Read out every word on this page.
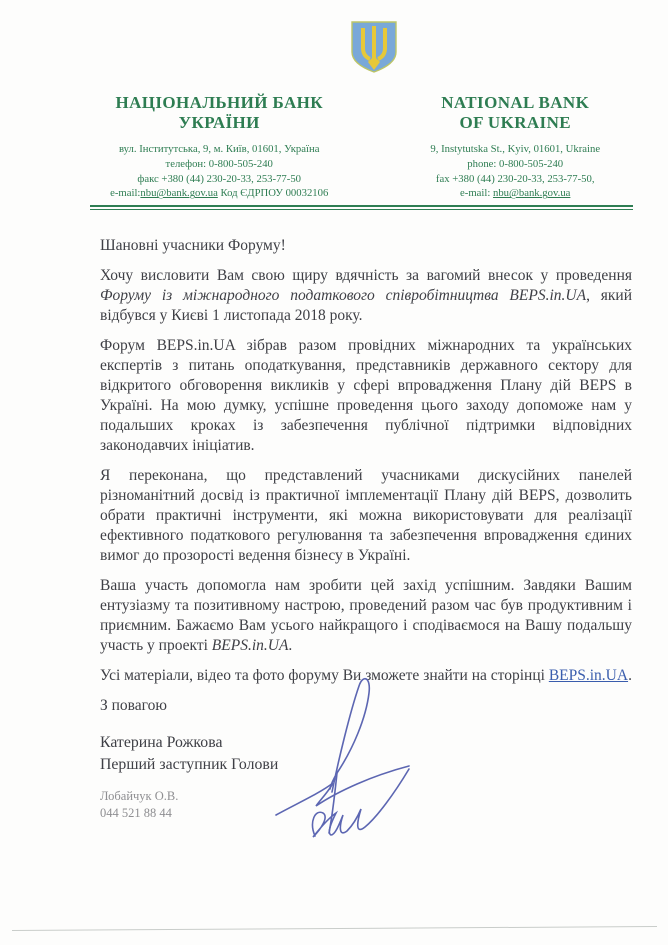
НАЦІОНАЛЬНИЙ БАНК
УКРАЇНИ
вул. Інститутська, 9, м. Київ, 01601, Україна
телефон: 0-800-505-240
факс +380 (44) 230-20-33, 253-77-50
e-mail:nbu@bank.gov.ua Код ЄДРПОУ 00032106
NATIONAL BANK
OF UKRAINE
9, Instytutska St., Kyiv, 01601, Ukraine
phone: 0-800-505-240
fax +380 (44) 230-20-33, 253-77-50,
e-mail: nbu@bank.gov.ua

Шановні учасники Форуму!

Хочу висловити Вам свою щиру вдячність за вагомий внесок у проведення Форуму із міжнародного податкового співробітництва BEPS.in.UA, який відбувся у Києві 1 листопада 2018 року.

Форум BEPS.in.UA зібрав разом провідних міжнародних та українських експертів з питань оподаткування, представників державного сектору для відкритого обговорення викликів у сфері впровадження Плану дій BEPS в Україні. На мою думку, успішне проведення цього заходу допоможе нам у подальших кроках із забезпечення публічної підтримки відповідних законодавчих ініціатив.

Я переконана, що представлений учасниками дискусійних панелей різноманітний досвід із практичної імплементації Плану дій BEPS, дозволить обрати практичні інструменти, які можна використовувати для реалізації ефективного податкового регулювання та забезпечення впровадження єдиних вимог до прозорості ведення бізнесу в Україні.

Ваша участь допомогла нам зробити цей захід успішним. Завдяки Вашим ентузіазму та позитивному настрою, проведений разом час був продуктивним і приємним. Бажаємо Вам усього найкращого і сподіваємося на Вашу подальшу участь у проекті BEPS.in.UA.

Усі матеріали, відео та фото форуму Ви зможете знайти на сторінці BEPS.in.UA.

З повагою

Катерина Рожкова
Перший заступник Голови
Лобайчук О.В.
044 521 88 44
